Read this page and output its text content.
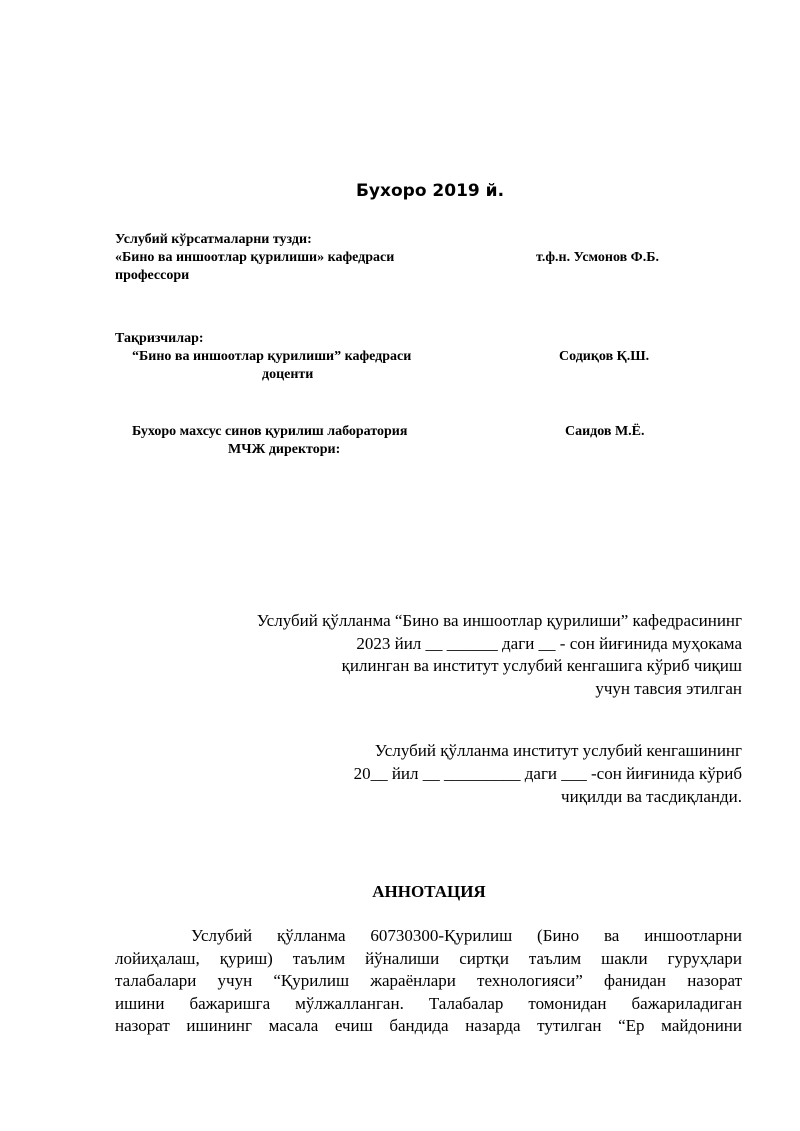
Бухоро 2019 й.
Услубий кўрсатмаларни тузди:
«Бино ва иншоотлар қурилиши» кафедраси	т.ф.н. Усмонов Ф.Б.
профессори
Тақризчилар:
“Бино ва иншоотлар қурилиши” кафедраси	Содиқов Қ.Ш.
доценти
Бухоро махсус синов қурилиш лаборатория	Саидов М.Ё.
МЧЖ директори:
Услубий қўлланма “Бино ва иншоотлар қурилиши” кафедрасининг
2023 йил __ ______ даги __ - сон йиғинида муҳокама
қилинган ва институт услубий кенгашига кўриб чиқиш
учун тавсия этилган
Услубий қўлланма институт услубий кенгашининг
20__ йил __ _________ даги ___ -сон йиғинида кўриб
чиқилди ва тасдиқланди.
АННОТАЦИЯ
Услубий қўлланма 60730300-Қурилиш (Бино ва иншоотларни
лойиҳалаш, қуриш) таълим йўналиши сиртқи таълим шакли гуруҳлари
талабалари учун “Қурилиш жараёнлари технологияси” фанидан назорат
ишини бажаришга мўлжалланган. Талабалар томонидан бажариладиган
назорат ишининг масала ечиш бандида назарда тутилган “Ер майдонини
